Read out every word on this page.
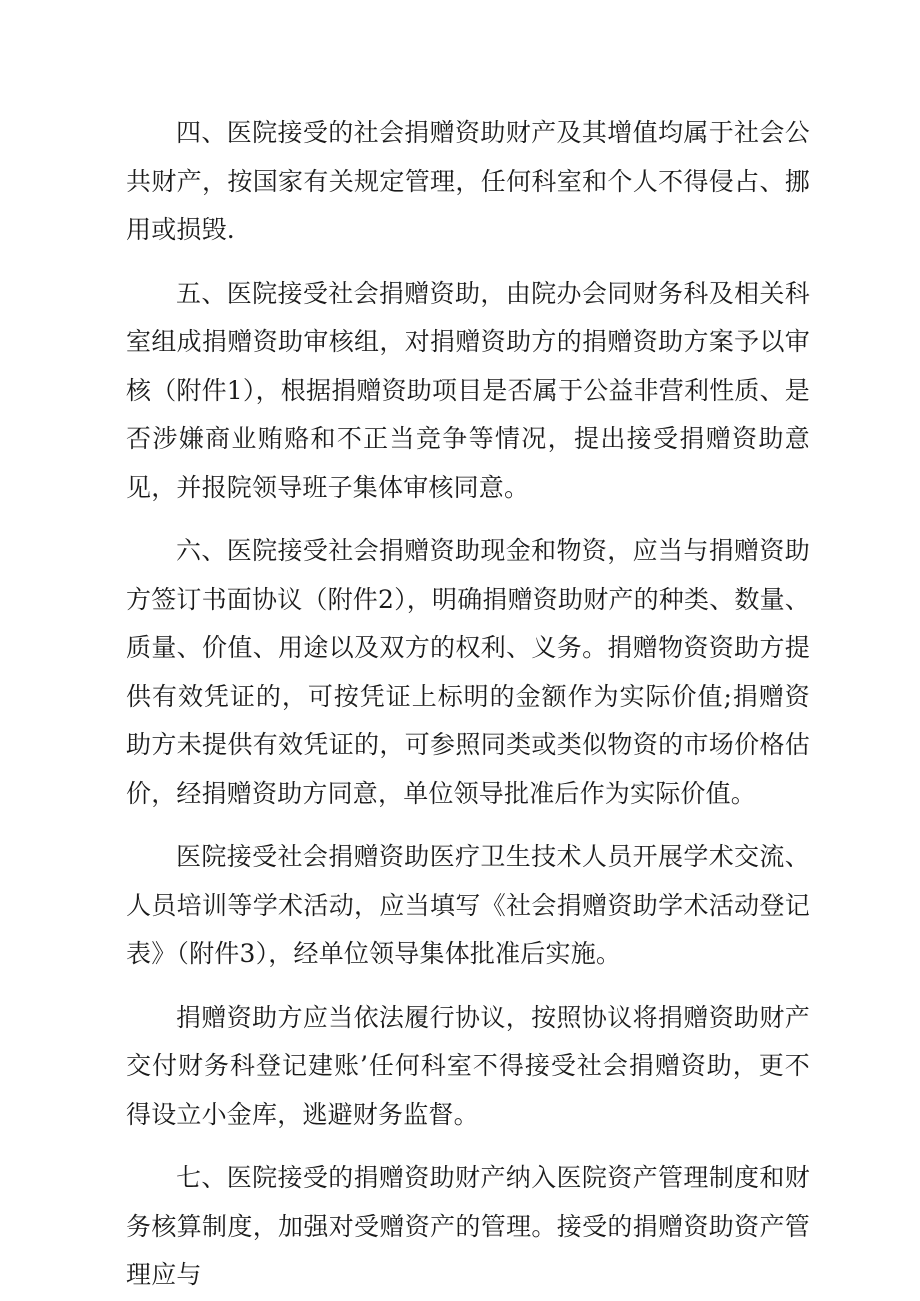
四、医院接受的社会捐赠资助财产及其增值均属于社会公共财产，按国家有关规定管理，任何科室和个人不得侵占、挪用或损毁.

五、医院接受社会捐赠资助，由院办会同财务科及相关科室组成捐赠资助审核组，对捐赠资助方的捐赠资助方案予以审核（附件1），根据捐赠资助项目是否属于公益非营利性质、是否涉嫌商业贿赂和不正当竞争等情况，提出接受捐赠资助意见，并报院领导班子集体审核同意。

六、医院接受社会捐赠资助现金和物资，应当与捐赠资助方签订书面协议（附件2），明确捐赠资助财产的种类、数量、质量、价值、用途以及双方的权利、义务。捐赠物资资助方提供有效凭证的，可按凭证上标明的金额作为实际价值;捐赠资助方未提供有效凭证的，可参照同类或类似物资的市场价格估价，经捐赠资助方同意，单位领导批准后作为实际价值。

医院接受社会捐赠资助医疗卫生技术人员开展学术交流、人员培训等学术活动，应当填写《社会捐赠资助学术活动登记表》（附件3），经单位领导集体批准后实施。

捐赠资助方应当依法履行协议，按照协议将捐赠资助财产交付财务科登记建账’任何科室不得接受社会捐赠资助，更不得设立小金库，逃避财务监督。

七、医院接受的捐赠资助财产纳入医院资产管理制度和财务核算制度，加强对受赠资产的管理。接受的捐赠资助资产管理应与
